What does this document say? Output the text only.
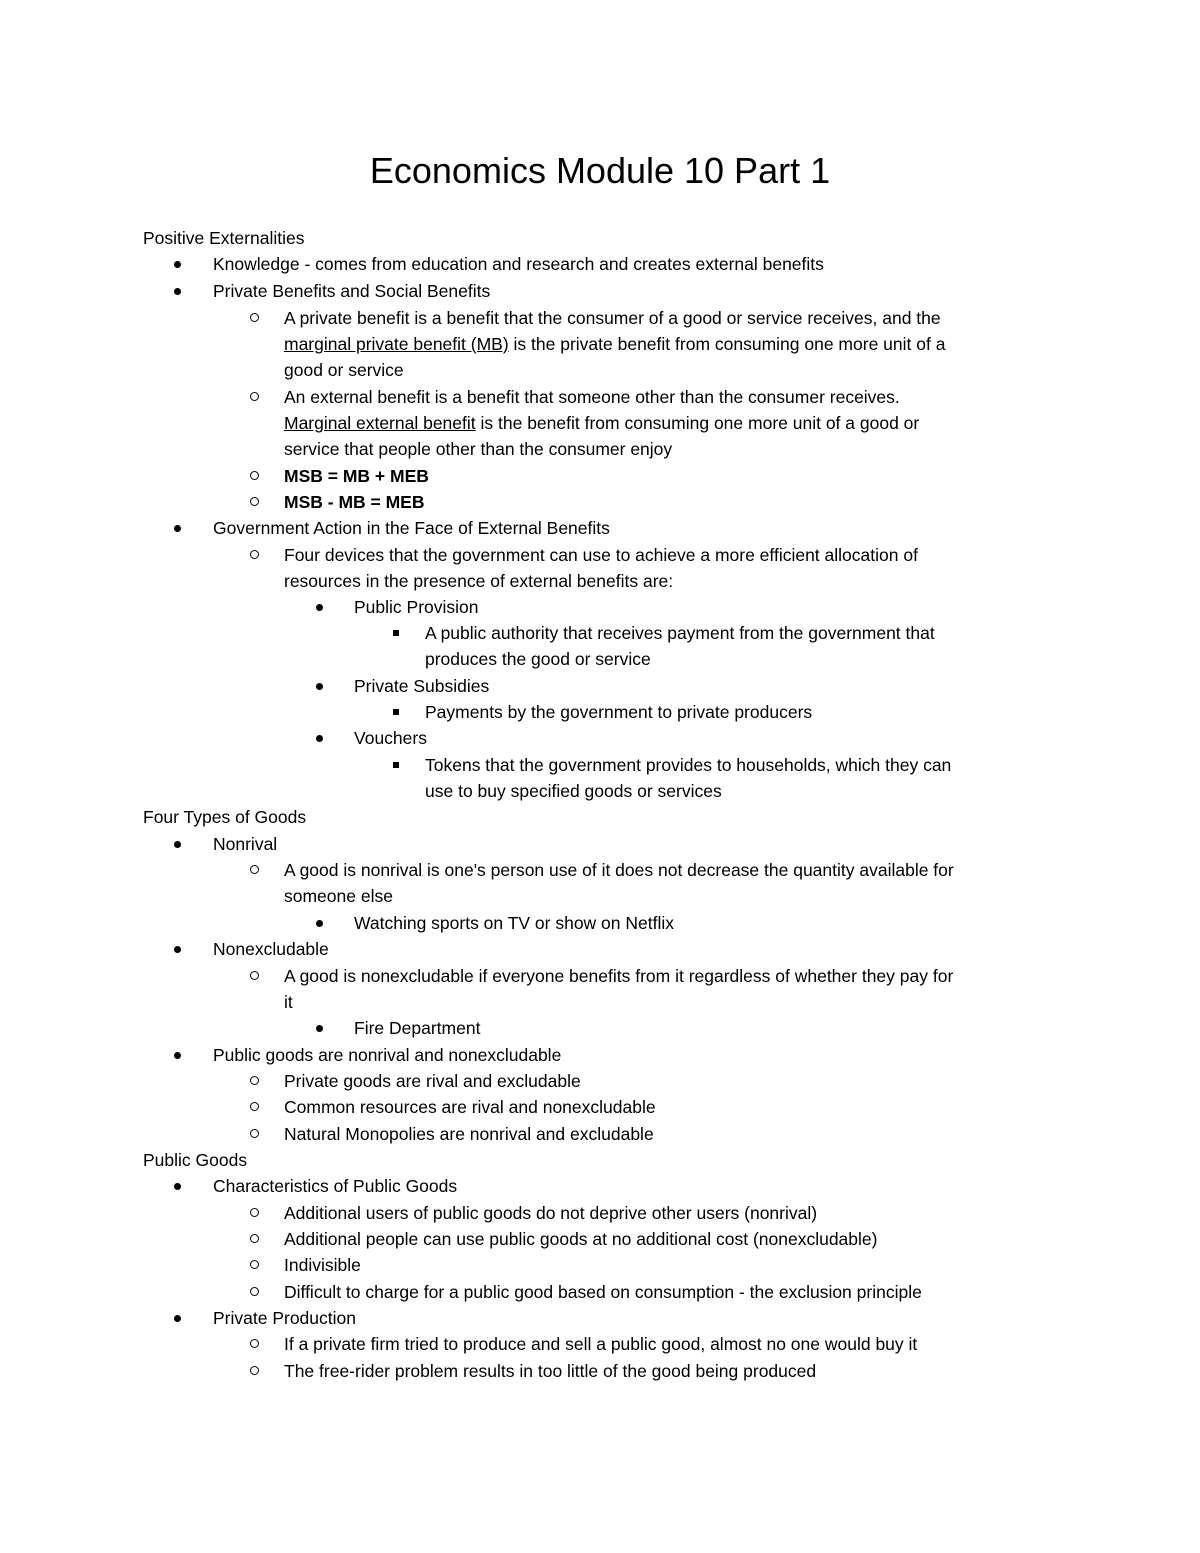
Economics Module 10 Part 1
Positive Externalities
Knowledge - comes from education and research and creates external benefits
Private Benefits and Social Benefits
A private benefit is a benefit that the consumer of a good or service receives, and the
marginal private benefit (MB) is the private benefit from consuming one more unit of a
good or service
An external benefit is a benefit that someone other than the consumer receives.
Marginal external benefit is the benefit from consuming one more unit of a good or
service that people other than the consumer enjoy
MSB = MB + MEB
MSB - MB = MEB
Government Action in the Face of External Benefits
Four devices that the government can use to achieve a more efficient allocation of
resources in the presence of external benefits are:
Public Provision
A public authority that receives payment from the government that
produces the good or service
Private Subsidies
Payments by the government to private producers
Vouchers
Tokens that the government provides to households, which they can
use to buy specified goods or services
Four Types of Goods
Nonrival
A good is nonrival is one's person use of it does not decrease the quantity available for
someone else
Watching sports on TV or show on Netflix
Nonexcludable
A good is nonexcludable if everyone benefits from it regardless of whether they pay for
it
Fire Department
Public goods are nonrival and nonexcludable
Private goods are rival and excludable
Common resources are rival and nonexcludable
Natural Monopolies are nonrival and excludable
Public Goods
Characteristics of Public Goods
Additional users of public goods do not deprive other users (nonrival)
Additional people can use public goods at no additional cost (nonexcludable)
Indivisible
Difficult to charge for a public good based on consumption - the exclusion principle
Private Production
If a private firm tried to produce and sell a public good, almost no one would buy it
The free-rider problem results in too little of the good being produced
